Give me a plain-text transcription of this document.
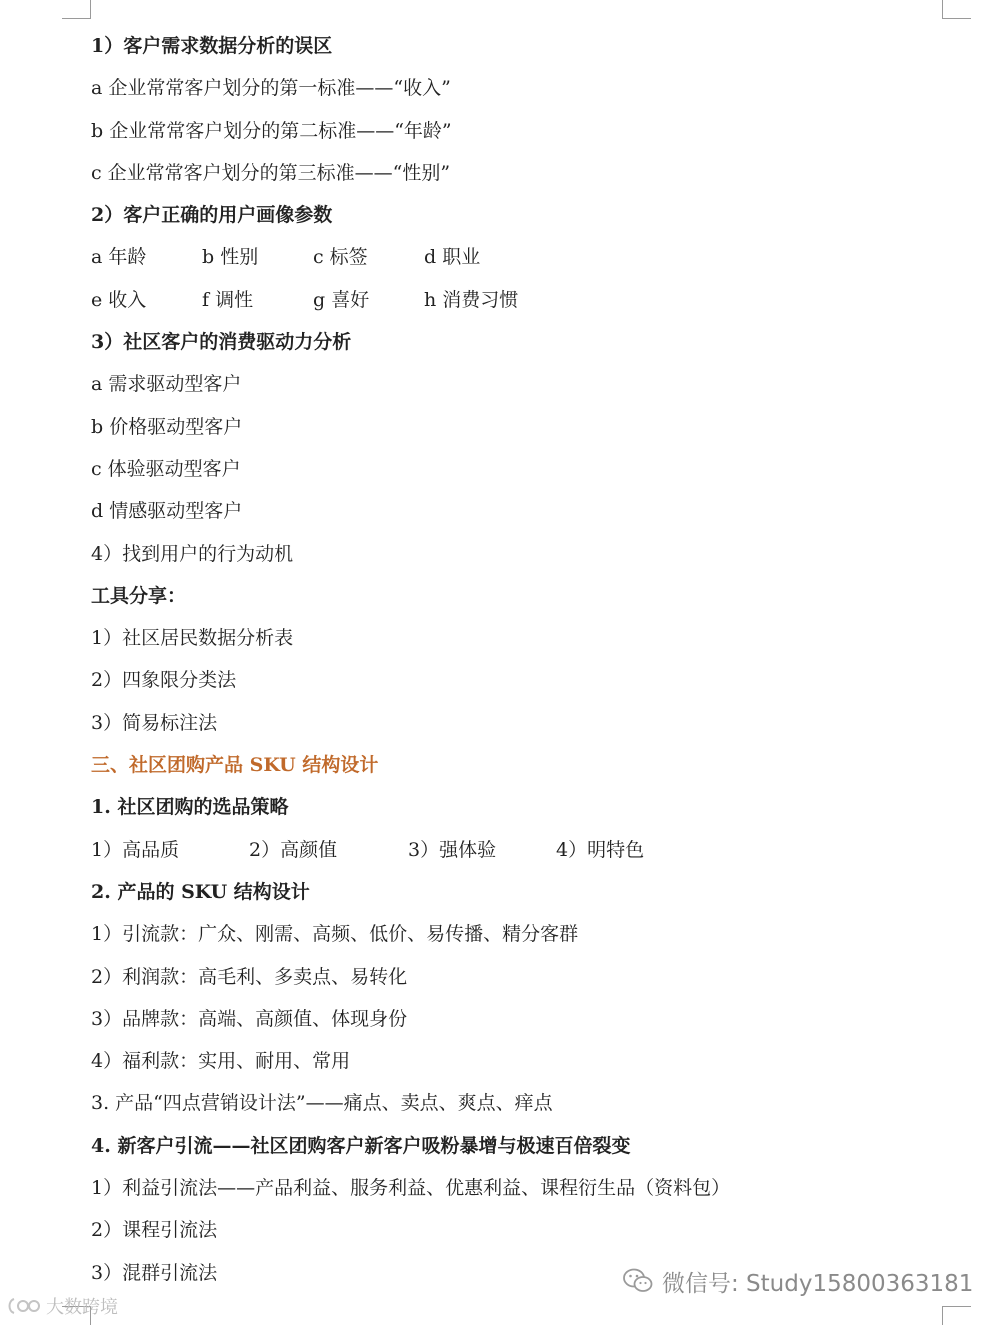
1）客户需求数据分析的误区
a 企业常常客户划分的第一标准——“收入”
b 企业常常客户划分的第二标准——“年龄”
c 企业常常客户划分的第三标准——“性别”
2）客户正确的用户画像参数
a 年龄	b 性别	c 标签	d 职业
e 收入	f 调性	g 喜好	h 消费习惯
3）社区客户的消费驱动力分析
a 需求驱动型客户
b 价格驱动型客户
c 体验驱动型客户
d 情感驱动型客户
4）找到用户的行为动机
工具分享：
1）社区居民数据分析表
2）四象限分类法
3）简易标注法
三、社区团购产品 SKU 结构设计
1. 社区团购的选品策略
1）高品质	2）高颜值	3）强体验	4）明特色
2. 产品的 SKU 结构设计
1）引流款：广众、刚需、高频、低价、易传播、精分客群
2）利润款：高毛利、多卖点、易转化
3）品牌款：高端、高颜值、体现身份
4）福利款：实用、耐用、常用
3. 产品“四点营销设计法”——痛点、卖点、爽点、痒点
4. 新客户引流——社区团购客户新客户吸粉暴增与极速百倍裂变
1）利益引流法——产品利益、服务利益、优惠利益、课程衍生品（资料包）
2）课程引流法
3）混群引流法	微信号: Study15800363181
大数跨境
